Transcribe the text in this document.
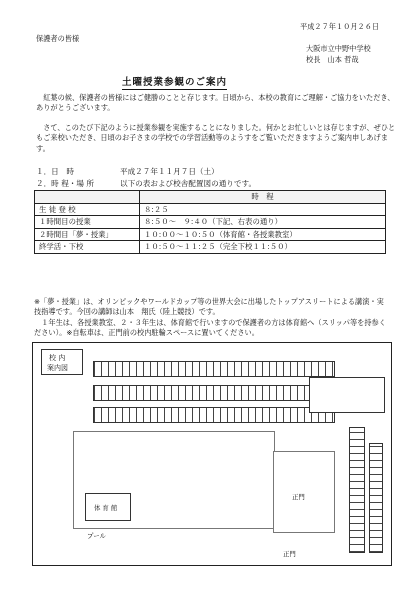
平成２７年１０月２６日
保護者の皆様
大阪市立中野中学校
校長　山本 哲哉
土曜授業参観のご案内
　紅葉の候、保護者の皆様にはご健勝のことと存じます。日頃から、本校の教育にご理解・ご協力をいただき、ありがとうございます。
　さて、このたび下記のように授業参観を実施することになりました。何かとお忙しいとは存じますが、ぜひともご来校いただき、日頃のお子さまの学校での学習活動等のようすをご覧いただきますようご案内申しあげます。
１．日　時	平成２７年１１月７日（土）
２．時 程・場 所	以下の表および校舎配置図の通りです。
	時　程
生 徒 登 校	８:２５
１時間目の授業	８:５０～　９:４０（下記、右表の通り）
２時間目「夢・授業」	１０:００～１０:５０（体育館・各授業教室）
終学活・下校	１０:５０～１１:２５（完全下校１１:５０）
※「夢・授業」は、オリンピックやワールドカップ等の世界大会に出場したトップアスリートによる講演・実技指導です。今回の講師は山本　翔氏（陸上競技）です。
　１年生は、各授業教室、２・３年生は、体育館で行いますので保護者の方は体育館へ（スリッパ等を持参ください）。※自転車は、正門前の校内駐輪スペースに置いてください。
校 内
案内図
体 育 館
プール
正門
正門
